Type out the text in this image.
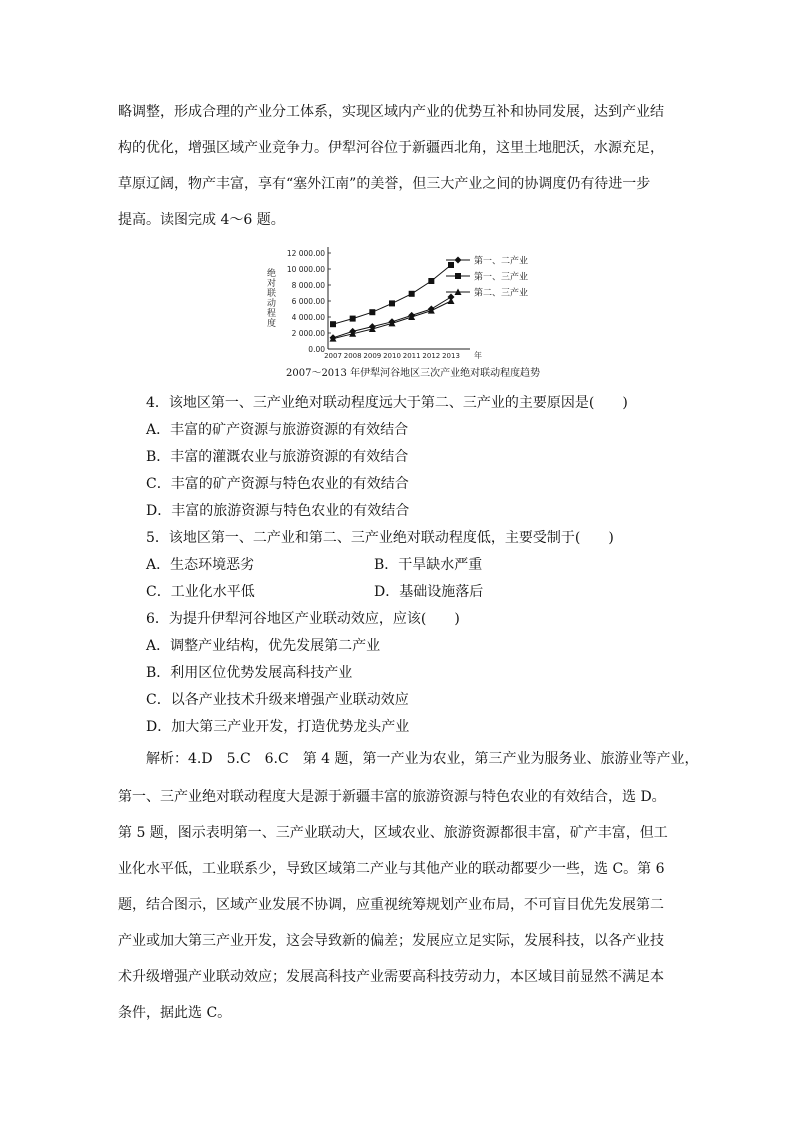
略调整，形成合理的产业分工体系，实现区域内产业的优势互补和协同发展，达到产业结

构的优化，增强区域产业竞争力。伊犁河谷位于新疆西北角，这里土地肥沃，水源充足，

草原辽阔，物产丰富，享有“塞外江南”的美誉，但三大产业之间的协调度仍有待进一步

提高。读图完成 4～6 题。

0.00
2 000.00
4 000.00
6 000.00
8 000.00
10 000.00
12 000.00
2007 2008 2009 2010 2011 2012 2013
第一、二产业
第一、三产业
第二、三产业
绝对联动程度
年
2007～2013 年伊犁河谷地区三次产业绝对联动程度趋势

4．该地区第一、三产业绝对联动程度远大于第二、三产业的主要原因是(　　)

A．丰富的矿产资源与旅游资源的有效结合

B．丰富的灌溉农业与旅游资源的有效结合

C．丰富的矿产资源与特色农业的有效结合

D．丰富的旅游资源与特色农业的有效结合

5．该地区第一、二产业和第二、三产业绝对联动程度低，主要受制于(　　)

A．生态环境恶劣	B．干旱缺水严重

C．工业化水平低	D．基础设施落后

6．为提升伊犁河谷地区产业联动效应，应该(　　)

A．调整产业结构，优先发展第二产业

B．利用区位优势发展高科技产业

C．以各产业技术升级来增强产业联动效应

D．加大第三产业开发，打造优势龙头产业

解析：4.D　5.C　6.C　第 4 题，第一产业为农业，第三产业为服务业、旅游业等产业，

第一、三产业绝对联动程度大是源于新疆丰富的旅游资源与特色农业的有效结合，选 D。

第 5 题，图示表明第一、三产业联动大，区域农业、旅游资源都很丰富，矿产丰富，但工

业化水平低，工业联系少，导致区域第二产业与其他产业的联动都要少一些，选 C。第 6

题，结合图示，区域产业发展不协调，应重视统筹规划产业布局，不可盲目优先发展第二

产业或加大第三产业开发，这会导致新的偏差；发展应立足实际，发展科技，以各产业技

术升级增强产业联动效应；发展高科技产业需要高科技劳动力，本区域目前显然不满足本

条件，据此选 C。
